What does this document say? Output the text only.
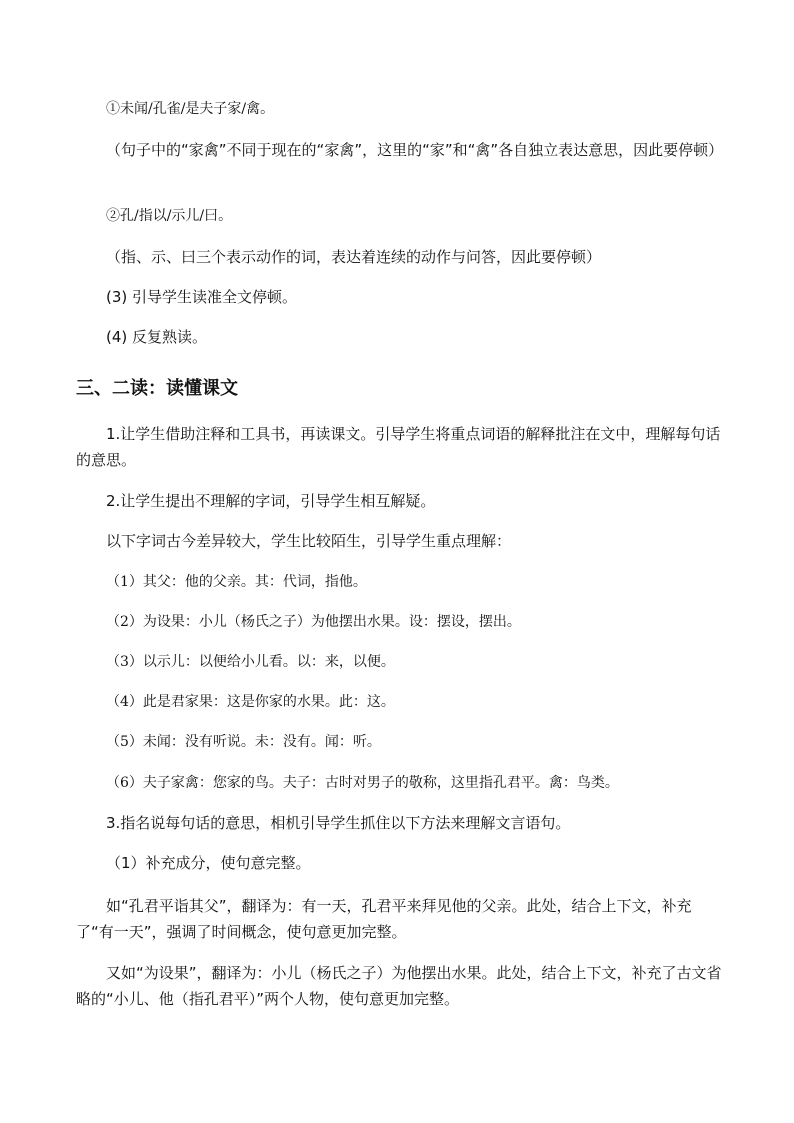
①未闻/孔雀/是夫子家/禽。
（句子中的“家禽”不同于现在的“家禽”，这里的“家”和“禽”各自独立表达意思，因此要停顿）
②孔/指以/示儿/曰。
（指、示、曰三个表示动作的词，表达着连续的动作与问答，因此要停顿）
(3) 引导学生读准全文停顿。
(4) 反复熟读。
三、二读：读懂课文
1.让学生借助注释和工具书，再读课文。引导学生将重点词语的解释批注在文中，理解每句话的意思。
2.让学生提出不理解的字词，引导学生相互解疑。
以下字词古今差异较大，学生比较陌生，引导学生重点理解：
（1）其父：他的父亲。其：代词，指他。
（2）为设果：小儿（杨氏之子）为他摆出水果。设：摆设，摆出。
（3）以示儿：以便给小儿看。以：来，以便。
（4）此是君家果：这是你家的水果。此：这。
（5）未闻：没有听说。未：没有。闻：听。
（6）夫子家禽：您家的鸟。夫子：古时对男子的敬称，这里指孔君平。禽：鸟类。
3.指名说每句话的意思，相机引导学生抓住以下方法来理解文言语句。
（1）补充成分，使句意完整。
如“孔君平诣其父”，翻译为：有一天，孔君平来拜见他的父亲。此处，结合上下文，补充了“有一天”，强调了时间概念，使句意更加完整。
又如“为设果”，翻译为：小儿（杨氏之子）为他摆出水果。此处，结合上下文，补充了古文省略的“小儿、他（指孔君平）”两个人物，使句意更加完整。
